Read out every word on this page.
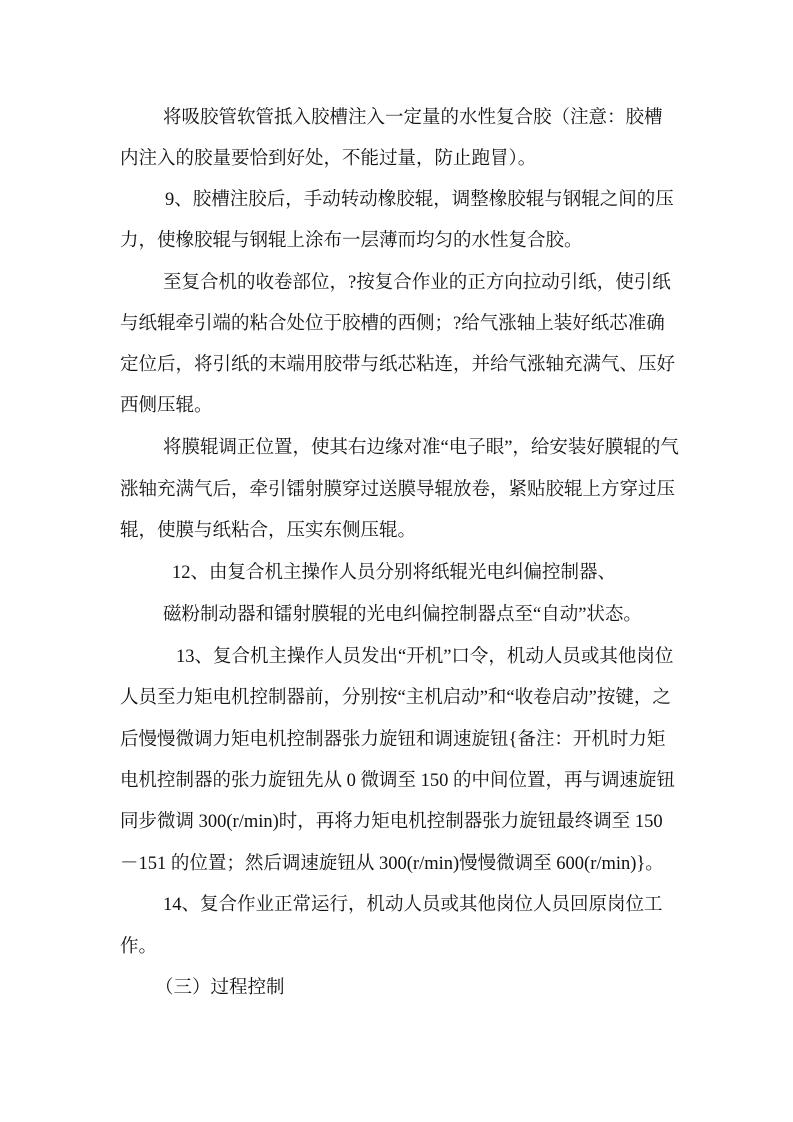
将吸胶管软管抵入胶槽注入一定量的水性复合胶（注意：胶槽
内注入的胶量要恰到好处，不能过量，防止跑冒）。
9、胶槽注胶后，手动转动橡胶辊，调整橡胶辊与钢辊之间的压
力，使橡胶辊与钢辊上涂布一层薄而均匀的水性复合胶。
至复合机的收卷部位，?按复合作业的正方向拉动引纸，使引纸
与纸辊牵引端的粘合处位于胶槽的西侧；?给气涨轴上装好纸芯准确
定位后，将引纸的末端用胶带与纸芯粘连，并给气涨轴充满气、压好
西侧压辊。
将膜辊调正位置，使其右边缘对准“电子眼”，给安装好膜辊的气
涨轴充满气后，牵引镭射膜穿过送膜导辊放卷，紧贴胶辊上方穿过压
辊，使膜与纸粘合，压实东侧压辊。
12、由复合机主操作人员分别将纸辊光电纠偏控制器、
磁粉制动器和镭射膜辊的光电纠偏控制器点至“自动”状态。
13、复合机主操作人员发出“开机”口令，机动人员或其他岗位
人员至力矩电机控制器前，分别按“主机启动”和“收卷启动”按键，之
后慢慢微调力矩电机控制器张力旋钮和调速旋钮{备注：开机时力矩
电机控制器的张力旋钮先从 0 微调至 150 的中间位置，再与调速旋钮
同步微调 300(r/min)时，再将力矩电机控制器张力旋钮最终调至 150
－151 的位置；然后调速旋钮从 300(r/min)慢慢微调至 600(r/min)}。
14、复合作业正常运行，机动人员或其他岗位人员回原岗位工
作。
（三）过程控制
